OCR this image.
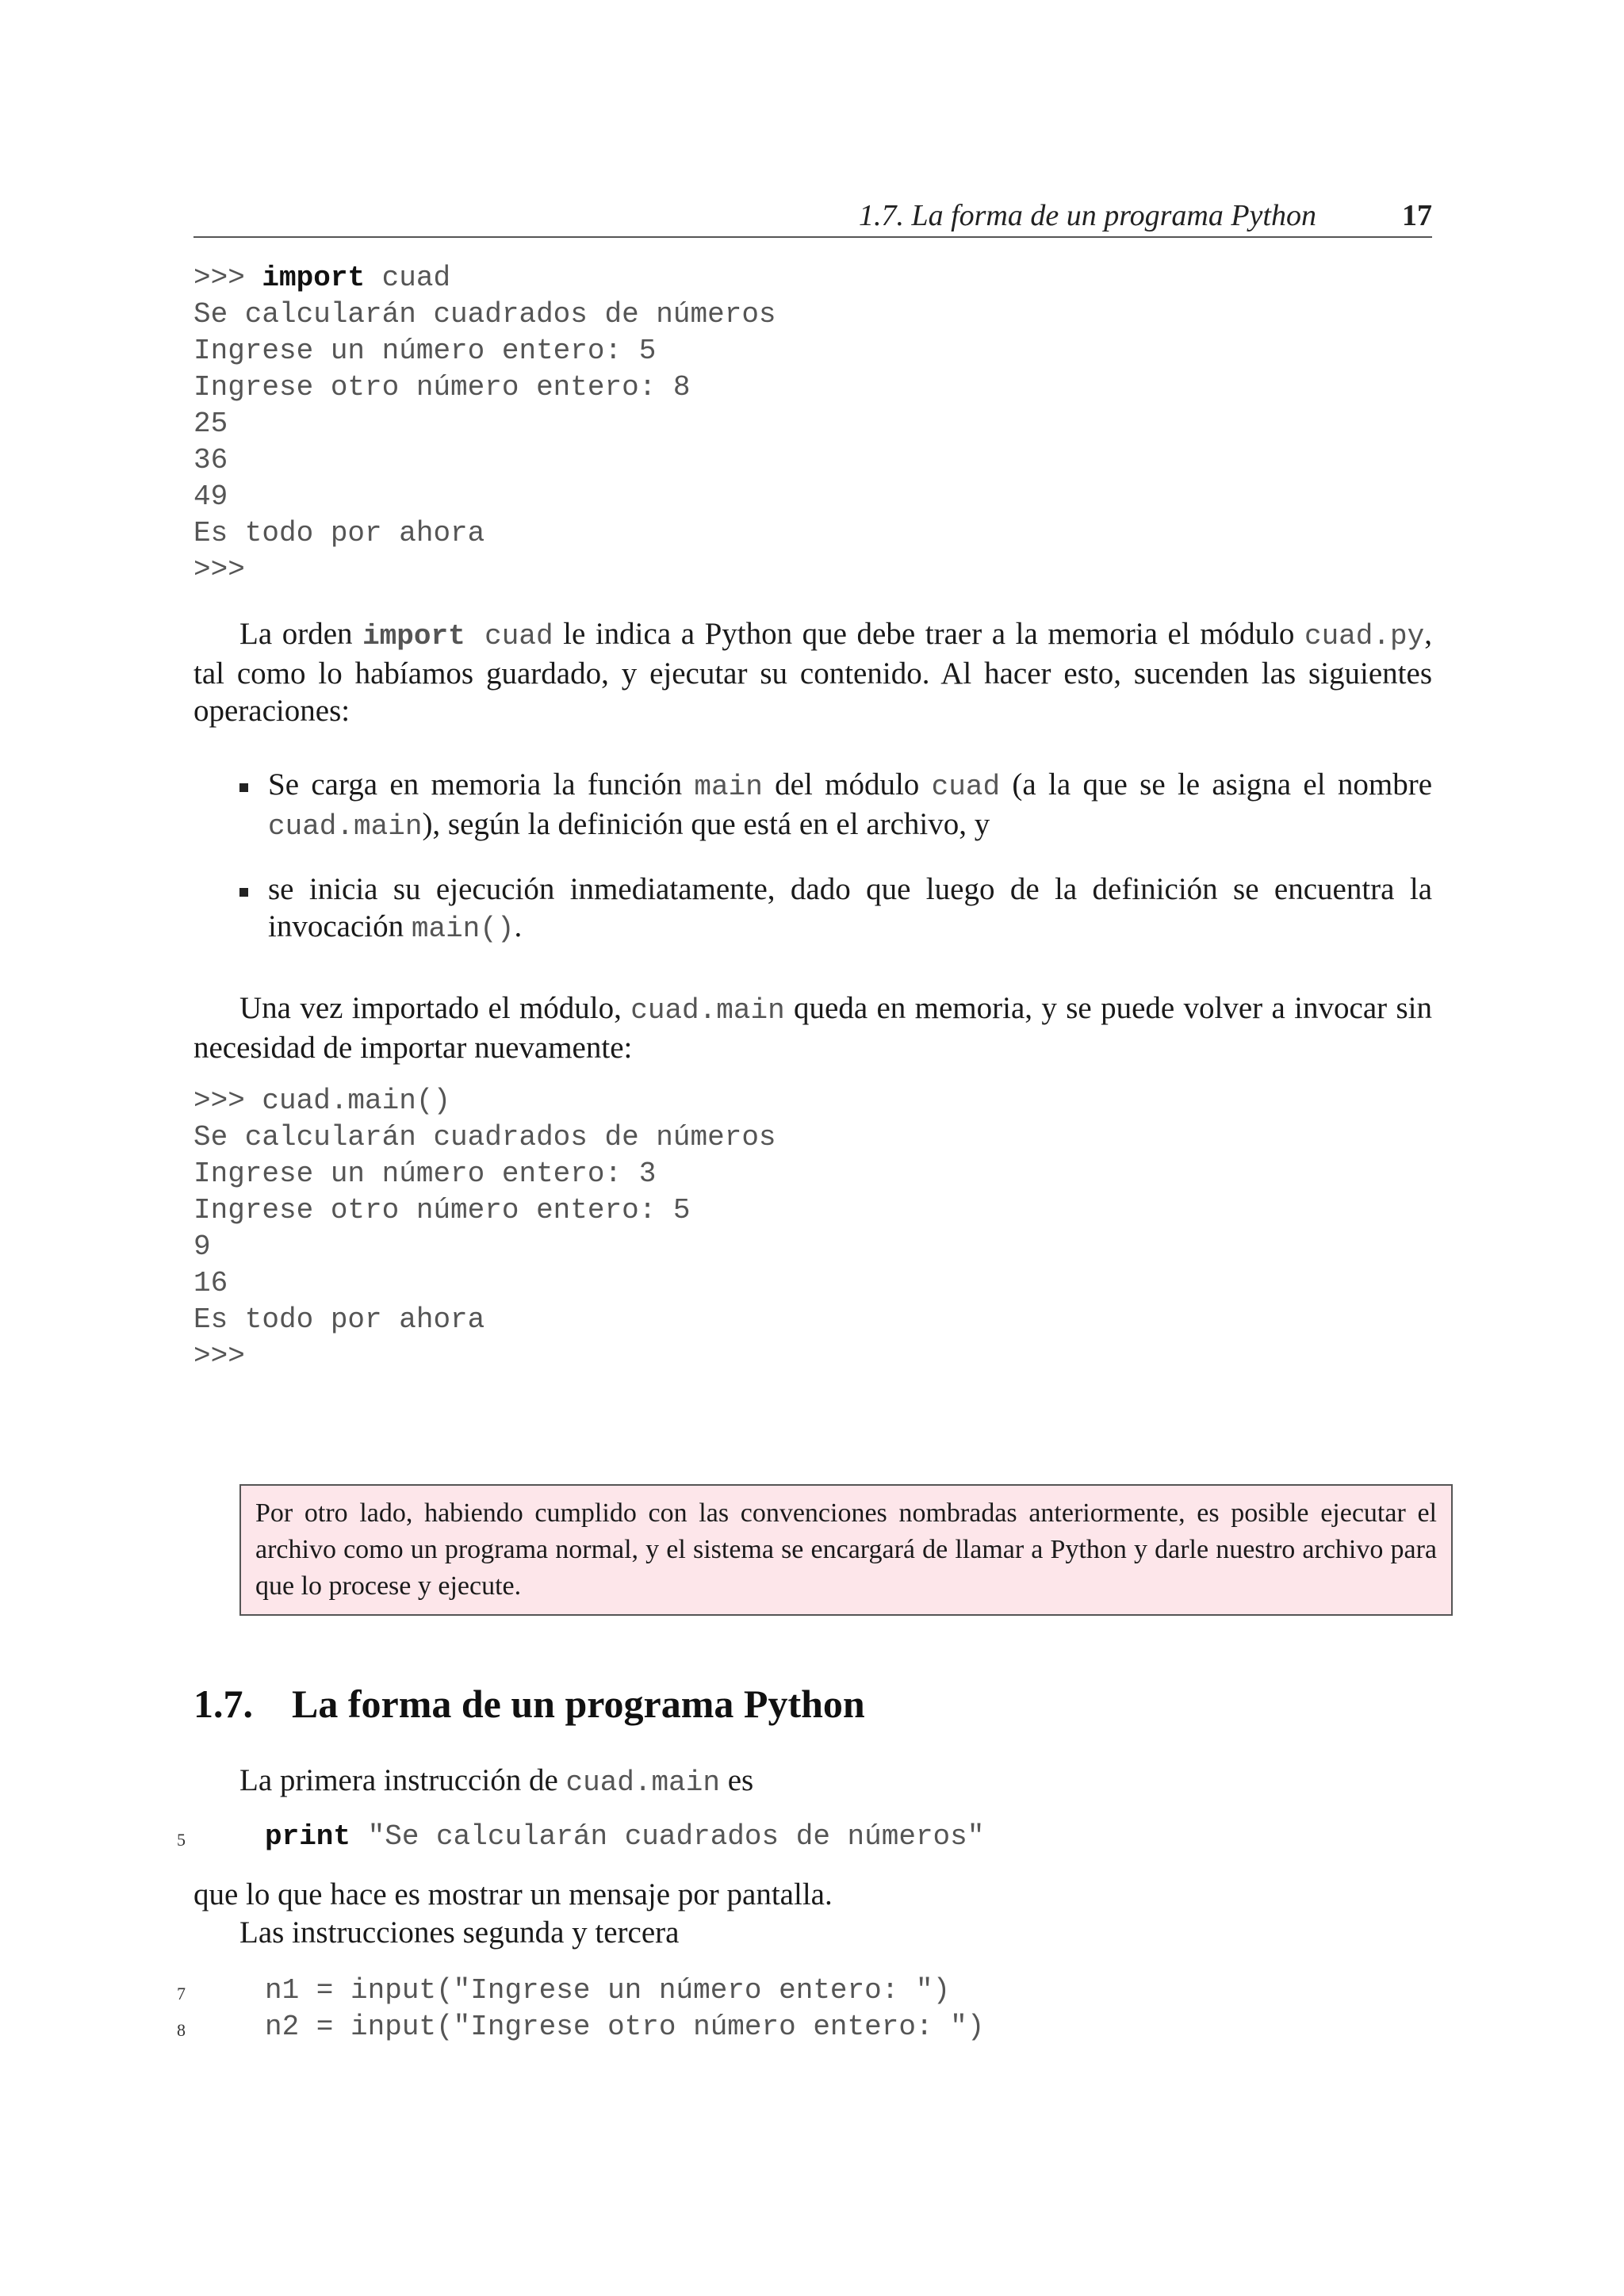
1.7. La forma de un programa Python	17
>>> import cuad
Se calcularán cuadrados de números
Ingrese un número entero: 5
Ingrese otro número entero: 8
25
36
49
Es todo por ahora
>>>
La orden import cuad le indica a Python que debe traer a la memoria el módulo cuad.py, tal como lo habíamos guardado, y ejecutar su contenido. Al hacer esto, sucenden las siguientes operaciones:
Se carga en memoria la función main del módulo cuad (a la que se le asigna el nombre cuad.main), según la definición que está en el archivo, y
se inicia su ejecución inmediatamente, dado que luego de la definición se encuentra la invocación main().
Una vez importado el módulo, cuad.main queda en memoria, y se puede volver a invocar sin necesidad de importar nuevamente:
>>> cuad.main()
Se calcularán cuadrados de números
Ingrese un número entero: 3
Ingrese otro número entero: 5
9
16
Es todo por ahora
>>>
Por otro lado, habiendo cumplido con las convenciones nombradas anteriormente, es posible ejecutar el archivo como un programa normal, y el sistema se encargará de llamar a Python y darle nuestro archivo para que lo procese y ejecute.
1.7. La forma de un programa Python
La primera instrucción de cuad.main es
5	print "Se calcularán cuadrados de números"
que lo que hace es mostrar un mensaje por pantalla.
Las instrucciones segunda y tercera
7	n1 = input("Ingrese un número entero: ")
8	n2 = input("Ingrese otro número entero: ")
